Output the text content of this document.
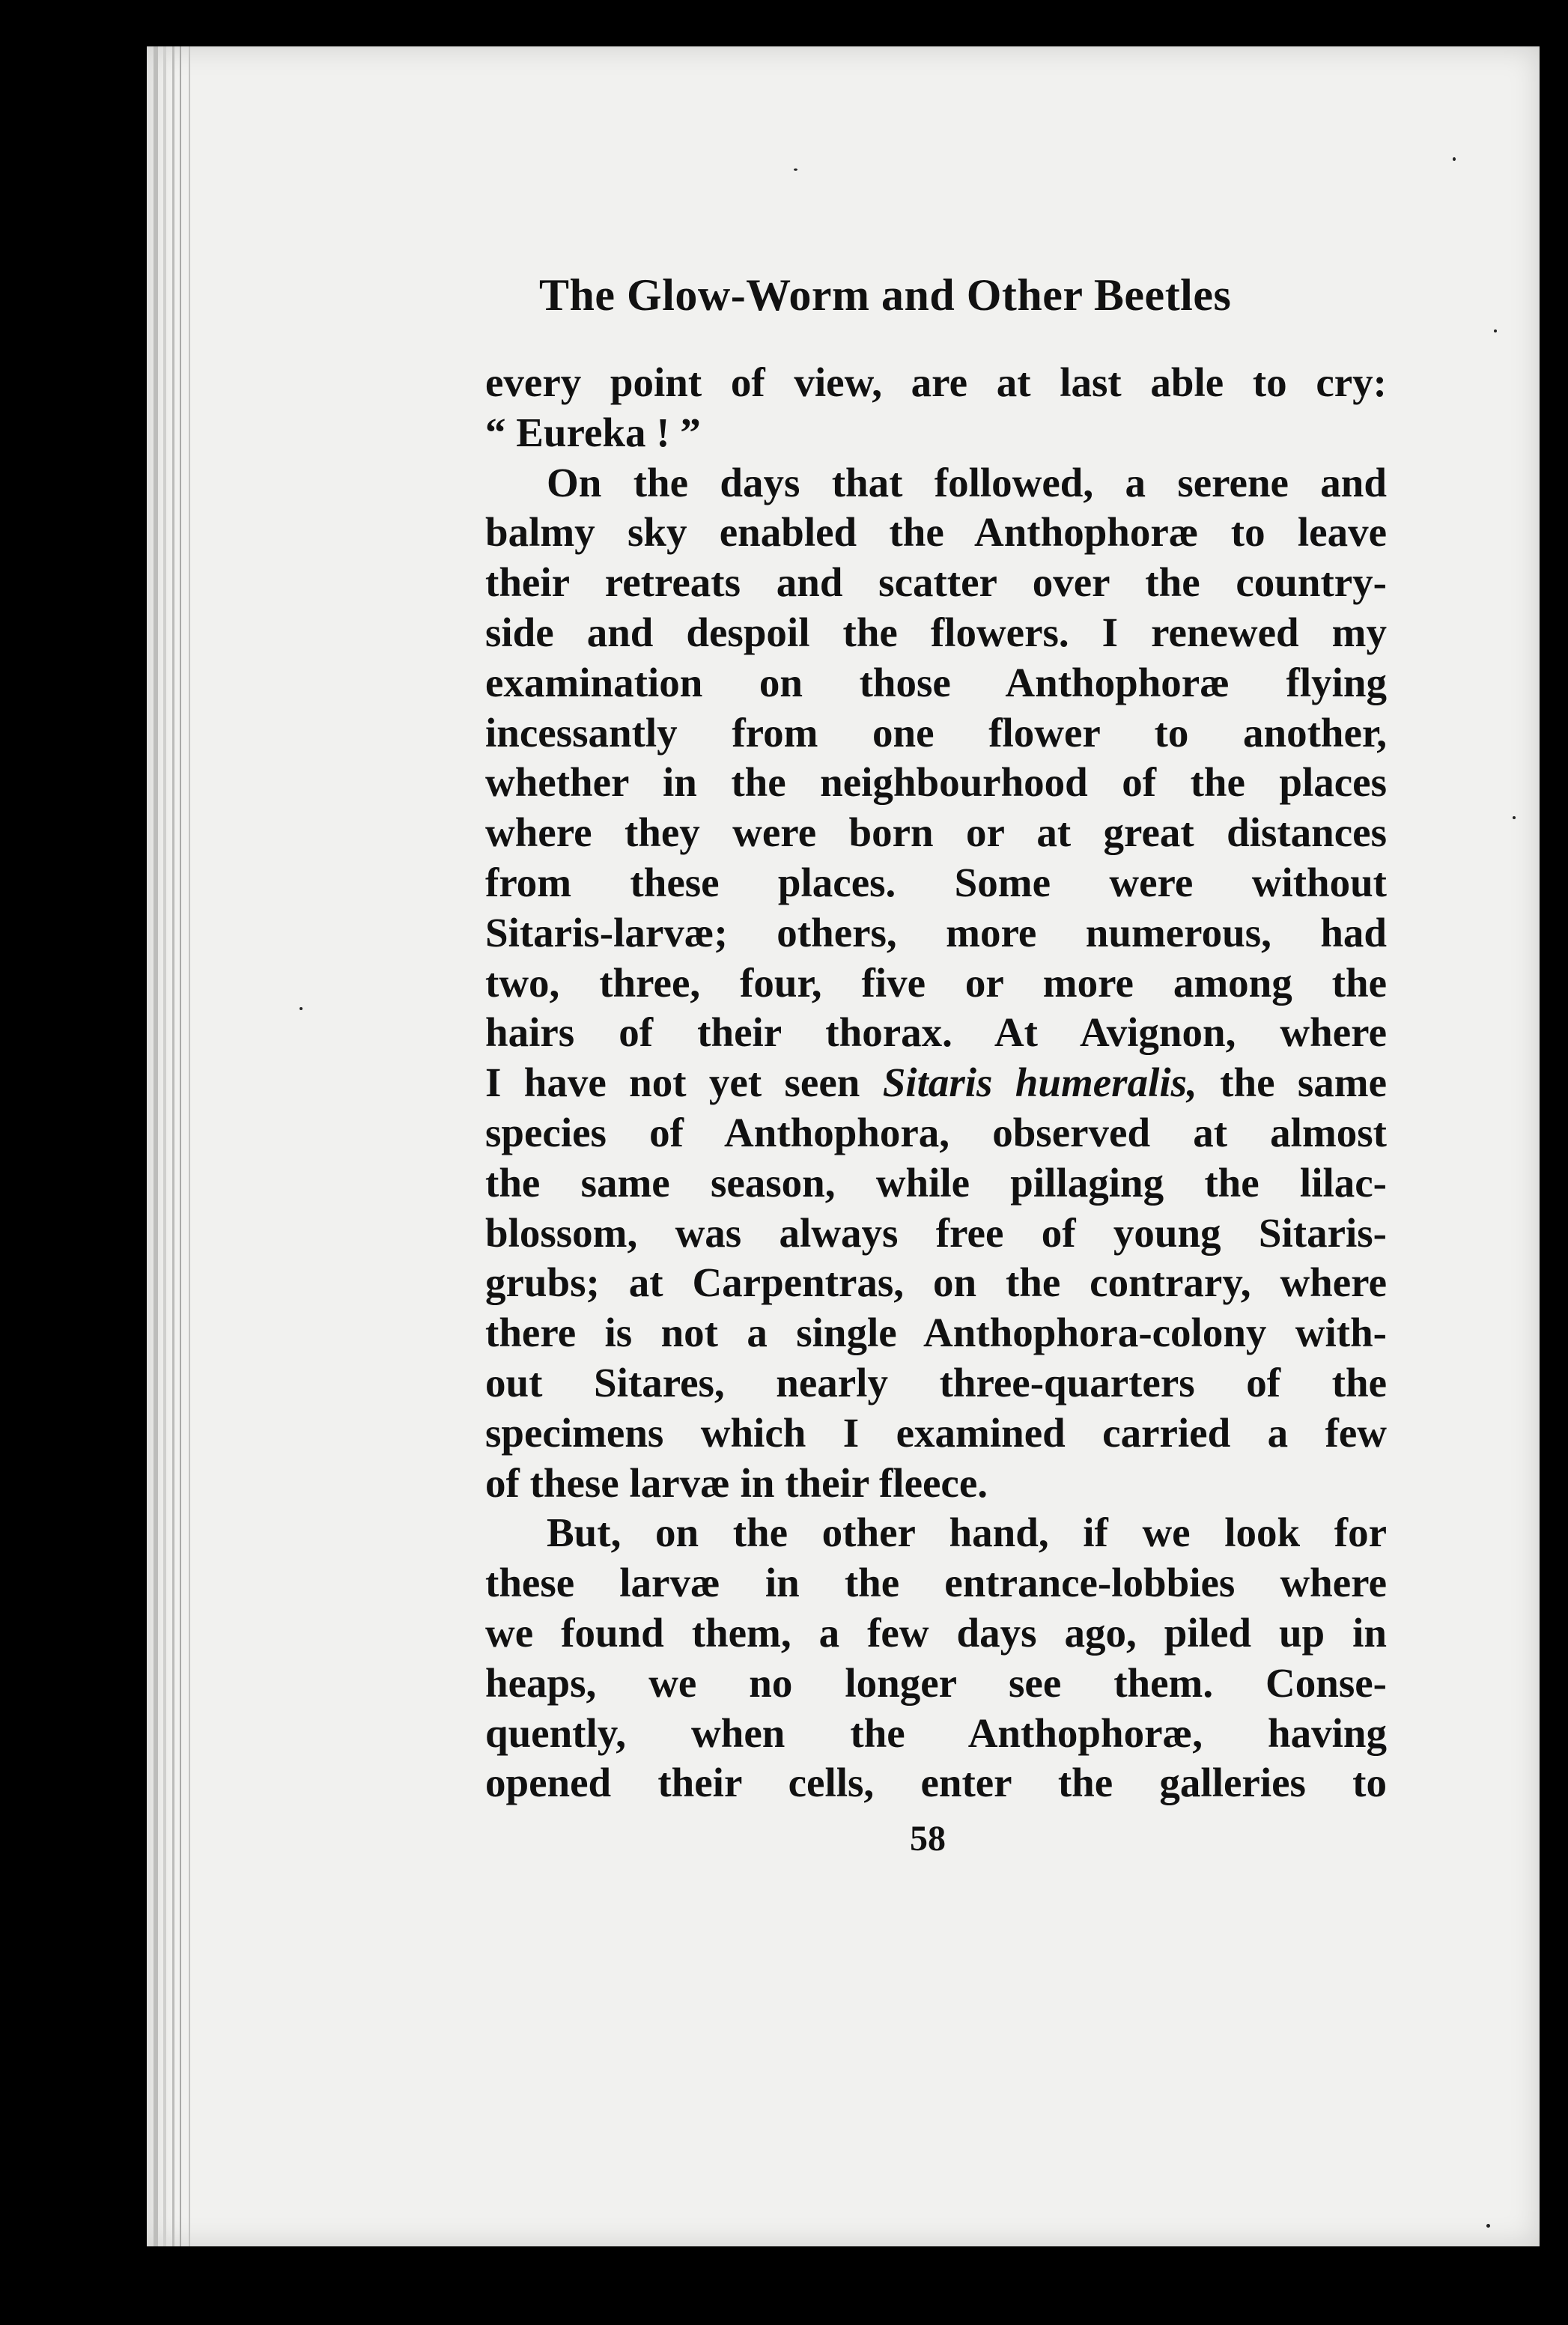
The Glow-Worm and Other Beetles
every point of view, are at last able to cry:
“ Eureka ! ”
On the days that followed, a serene and
balmy sky enabled the Anthophoræ to leave
their retreats and scatter over the country-
side and despoil the flowers. I renewed my
examination on those Anthophoræ flying
incessantly from one flower to another,
whether in the neighbourhood of the places
where they were born or at great distances
from these places. Some were without
Sitaris-larvæ; others, more numerous, had
two, three, four, five or more among the
hairs of their thorax. At Avignon, where
I have not yet seen Sitaris humeralis, the same
species of Anthophora, observed at almost
the same season, while pillaging the lilac-
blossom, was always free of young Sitaris-
grubs; at Carpentras, on the contrary, where
there is not a single Anthophora-colony with-
out Sitares, nearly three-quarters of the
specimens which I examined carried a few
of these larvæ in their fleece.
But, on the other hand, if we look for
these larvæ in the entrance-lobbies where
we found them, a few days ago, piled up in
heaps, we no longer see them. Conse-
quently, when the Anthophoræ, having
opened their cells, enter the galleries to
58
